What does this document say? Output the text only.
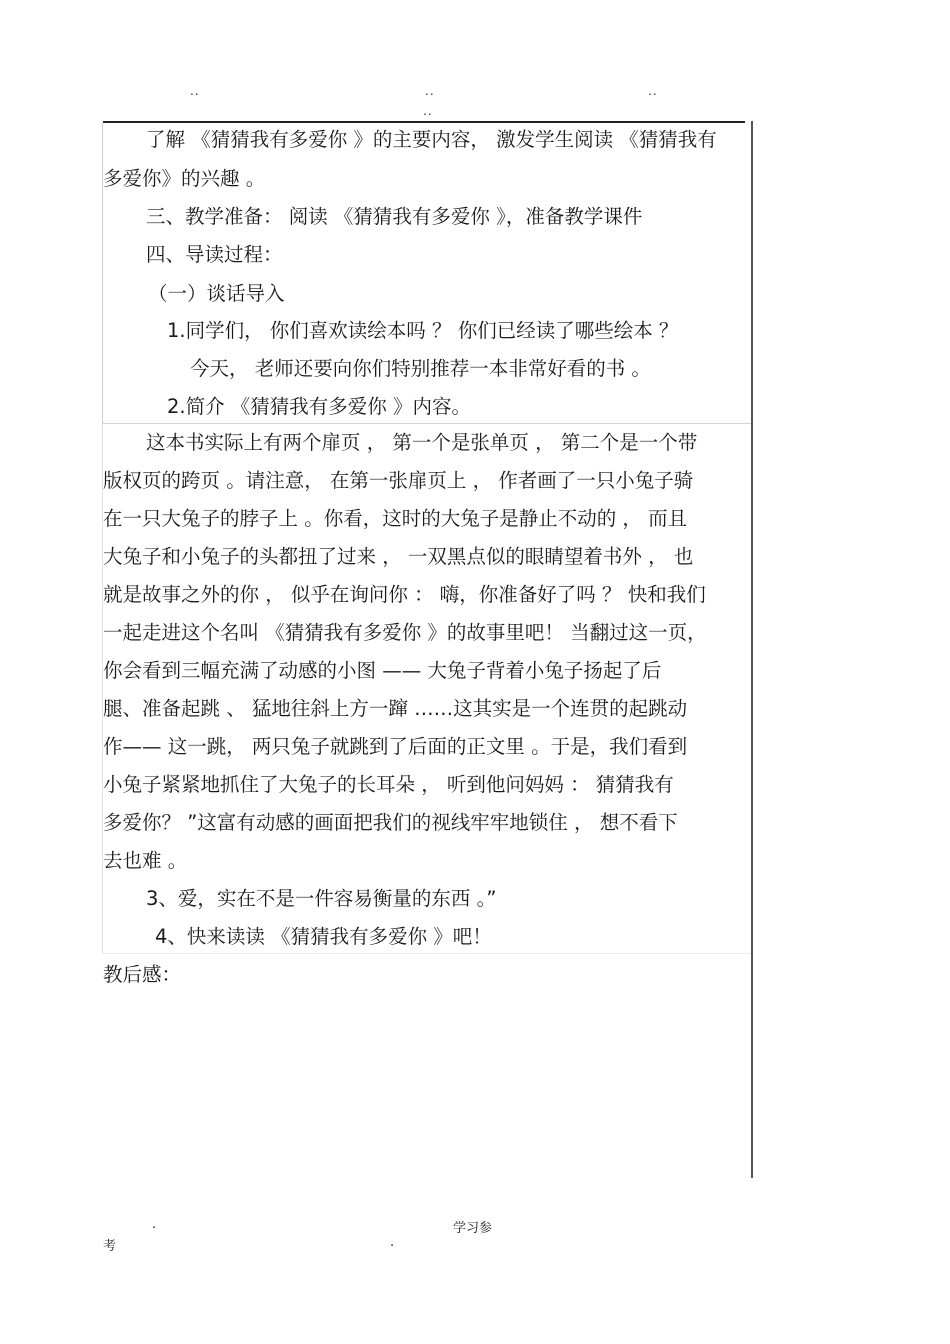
..	..	..
..
了解 《猜猜我有多爱你 》的主要内容， 激发学生阅读 《猜猜我有
多爱你》的兴趣 。
三、教学准备： 阅读 《猜猜我有多爱你 》，准备教学课件
四、导读过程：
（一）谈话导入
1.同学们， 你们喜欢读绘本吗 ？ 你们已经读了哪些绘本 ？
今天， 老师还要向你们特别推荐一本非常好看的书 。
2.简介 《猜猜我有多爱你 》内容。
这本书实际上有两个扉页 ， 第一个是张单页 ， 第二个是一个带
版权页的跨页 。请注意， 在第一张扉页上 ， 作者画了一只小兔子骑
在一只大兔子的脖子上 。你看，这时的大兔子是静止不动的 ， 而且
大兔子和小兔子的头都扭了过来 ， 一双黑点似的眼睛望着书外 ， 也
就是故事之外的你 ， 似乎在询问你 ： 嗨，你准备好了吗 ？ 快和我们
一起走进这个名叫 《猜猜我有多爱你 》的故事里吧！ 当翻过这一页，
你会看到三幅充满了动感的小图 —— 大兔子背着小兔子扬起了后
腿、准备起跳 、 猛地往斜上方一蹿 ……这其实是一个连贯的起跳动
作—— 这一跳， 两只兔子就跳到了后面的正文里 。于是，我们看到
小兔子紧紧地抓住了大兔子的长耳朵 ， 听到他问妈妈 ： 猜猜我有
多爱你？ ”这富有动感的画面把我们的视线牢牢地锁住 ， 想不看下
去也难 。
3、爱，实在不是一件容易衡量的东西 。”
4、快来读读 《猜猜我有多爱你 》吧！
教后感：
.	学习参
考	.
